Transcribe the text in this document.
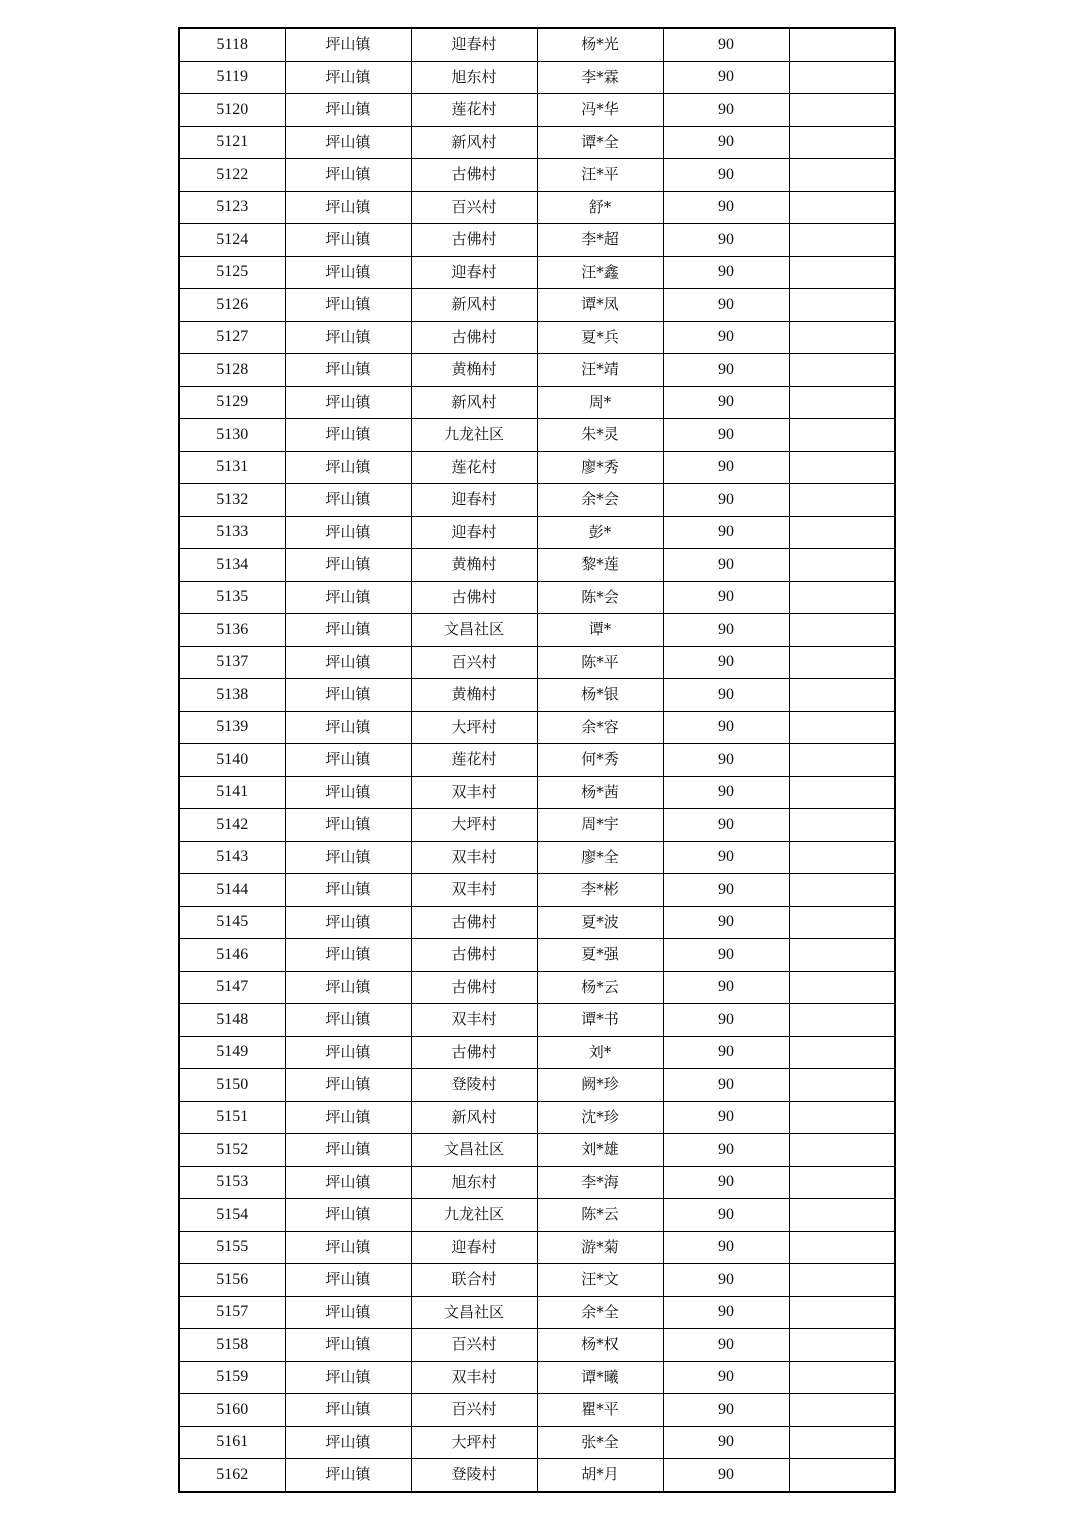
5118	坪山镇	迎春村	杨*光	90	
5119	坪山镇	旭东村	李*霖	90	
5120	坪山镇	莲花村	冯*华	90	
5121	坪山镇	新风村	谭*全	90	
5122	坪山镇	古佛村	汪*平	90	
5123	坪山镇	百兴村	舒*	90	
5124	坪山镇	古佛村	李*超	90	
5125	坪山镇	迎春村	汪*鑫	90	
5126	坪山镇	新风村	谭*凤	90	
5127	坪山镇	古佛村	夏*兵	90	
5128	坪山镇	黄桷村	汪*靖	90	
5129	坪山镇	新风村	周*	90	
5130	坪山镇	九龙社区	朱*灵	90	
5131	坪山镇	莲花村	廖*秀	90	
5132	坪山镇	迎春村	余*会	90	
5133	坪山镇	迎春村	彭*	90	
5134	坪山镇	黄桷村	黎*莲	90	
5135	坪山镇	古佛村	陈*会	90	
5136	坪山镇	文昌社区	谭*	90	
5137	坪山镇	百兴村	陈*平	90	
5138	坪山镇	黄桷村	杨*银	90	
5139	坪山镇	大坪村	余*容	90	
5140	坪山镇	莲花村	何*秀	90	
5141	坪山镇	双丰村	杨*茜	90	
5142	坪山镇	大坪村	周*宇	90	
5143	坪山镇	双丰村	廖*全	90	
5144	坪山镇	双丰村	李*彬	90	
5145	坪山镇	古佛村	夏*波	90	
5146	坪山镇	古佛村	夏*强	90	
5147	坪山镇	古佛村	杨*云	90	
5148	坪山镇	双丰村	谭*书	90	
5149	坪山镇	古佛村	刘*	90	
5150	坪山镇	登陵村	阙*珍	90	
5151	坪山镇	新风村	沈*珍	90	
5152	坪山镇	文昌社区	刘*雄	90	
5153	坪山镇	旭东村	李*海	90	
5154	坪山镇	九龙社区	陈*云	90	
5155	坪山镇	迎春村	游*菊	90	
5156	坪山镇	联合村	汪*文	90	
5157	坪山镇	文昌社区	余*全	90	
5158	坪山镇	百兴村	杨*权	90	
5159	坪山镇	双丰村	谭*曦	90	
5160	坪山镇	百兴村	瞿*平	90	
5161	坪山镇	大坪村	张*全	90	
5162	坪山镇	登陵村	胡*月	90	
